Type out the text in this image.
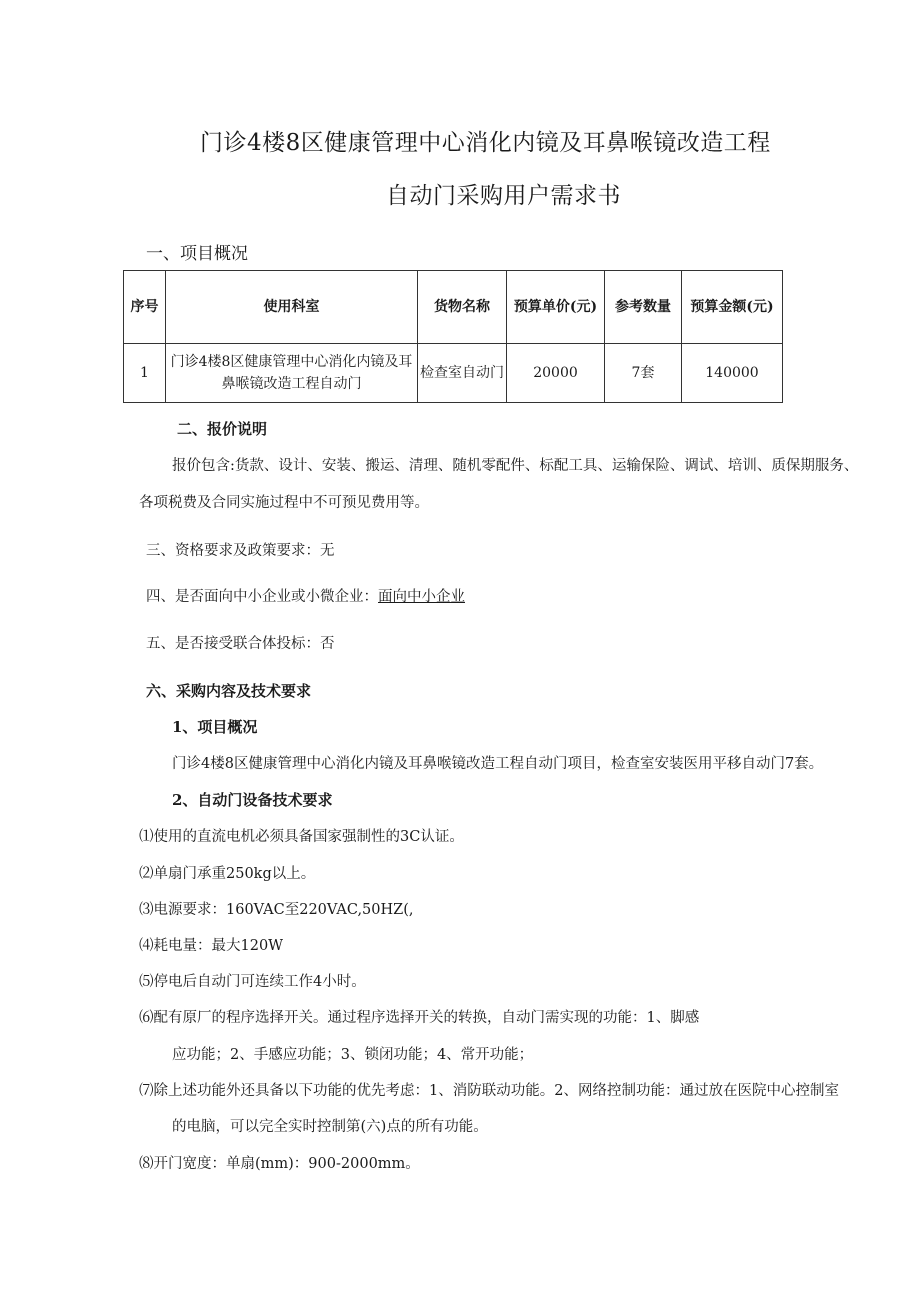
门诊4楼8区健康管理中心消化内镜及耳鼻喉镜改造工程
自动门采购用户需求书
一、项目概况
序号	使用科室	货物名称	预算单价(元)	参考数量	预算金额(元)
1	门诊4楼8区健康管理中心消化内镜及耳鼻喉镜改造工程自动门	检查室自动门	20000	7套	140000
二、报价说明
报价包含:货款、设计、安装、搬运、清理、随机零配件、标配工具、运输保险、调试、培训、质保期服务、
各项税费及合同实施过程中不可预见费用等。
三、资格要求及政策要求：无
四、是否面向中小企业或小微企业：面向中小企业
五、是否接受联合体投标：否
六、采购内容及技术要求
1、项目概况
门诊4楼8区健康管理中心消化内镜及耳鼻喉镜改造工程自动门项目，检查室安装医用平移自动门7套。
2、自动门设备技术要求
⑴使用的直流电机必须具备国家强制性的3C认证。
⑵单扇门承重250kg以上。
⑶电源要求：160VAC至220VAC,50HZ(,
⑷耗电量：最大120W
⑸停电后自动门可连续工作4小时。
⑹配有原厂的程序选择开关。通过程序选择开关的转换，自动门需实现的功能：1、脚感
应功能；2、手感应功能；3、锁闭功能；4、常开功能；
⑺除上述功能外还具备以下功能的优先考虑：1、消防联动功能。2、网络控制功能：通过放在医院中心控制室
的电脑，可以完全实时控制第(六)点的所有功能。
⑻开门宽度：单扇(mm)：900-2000mm。
